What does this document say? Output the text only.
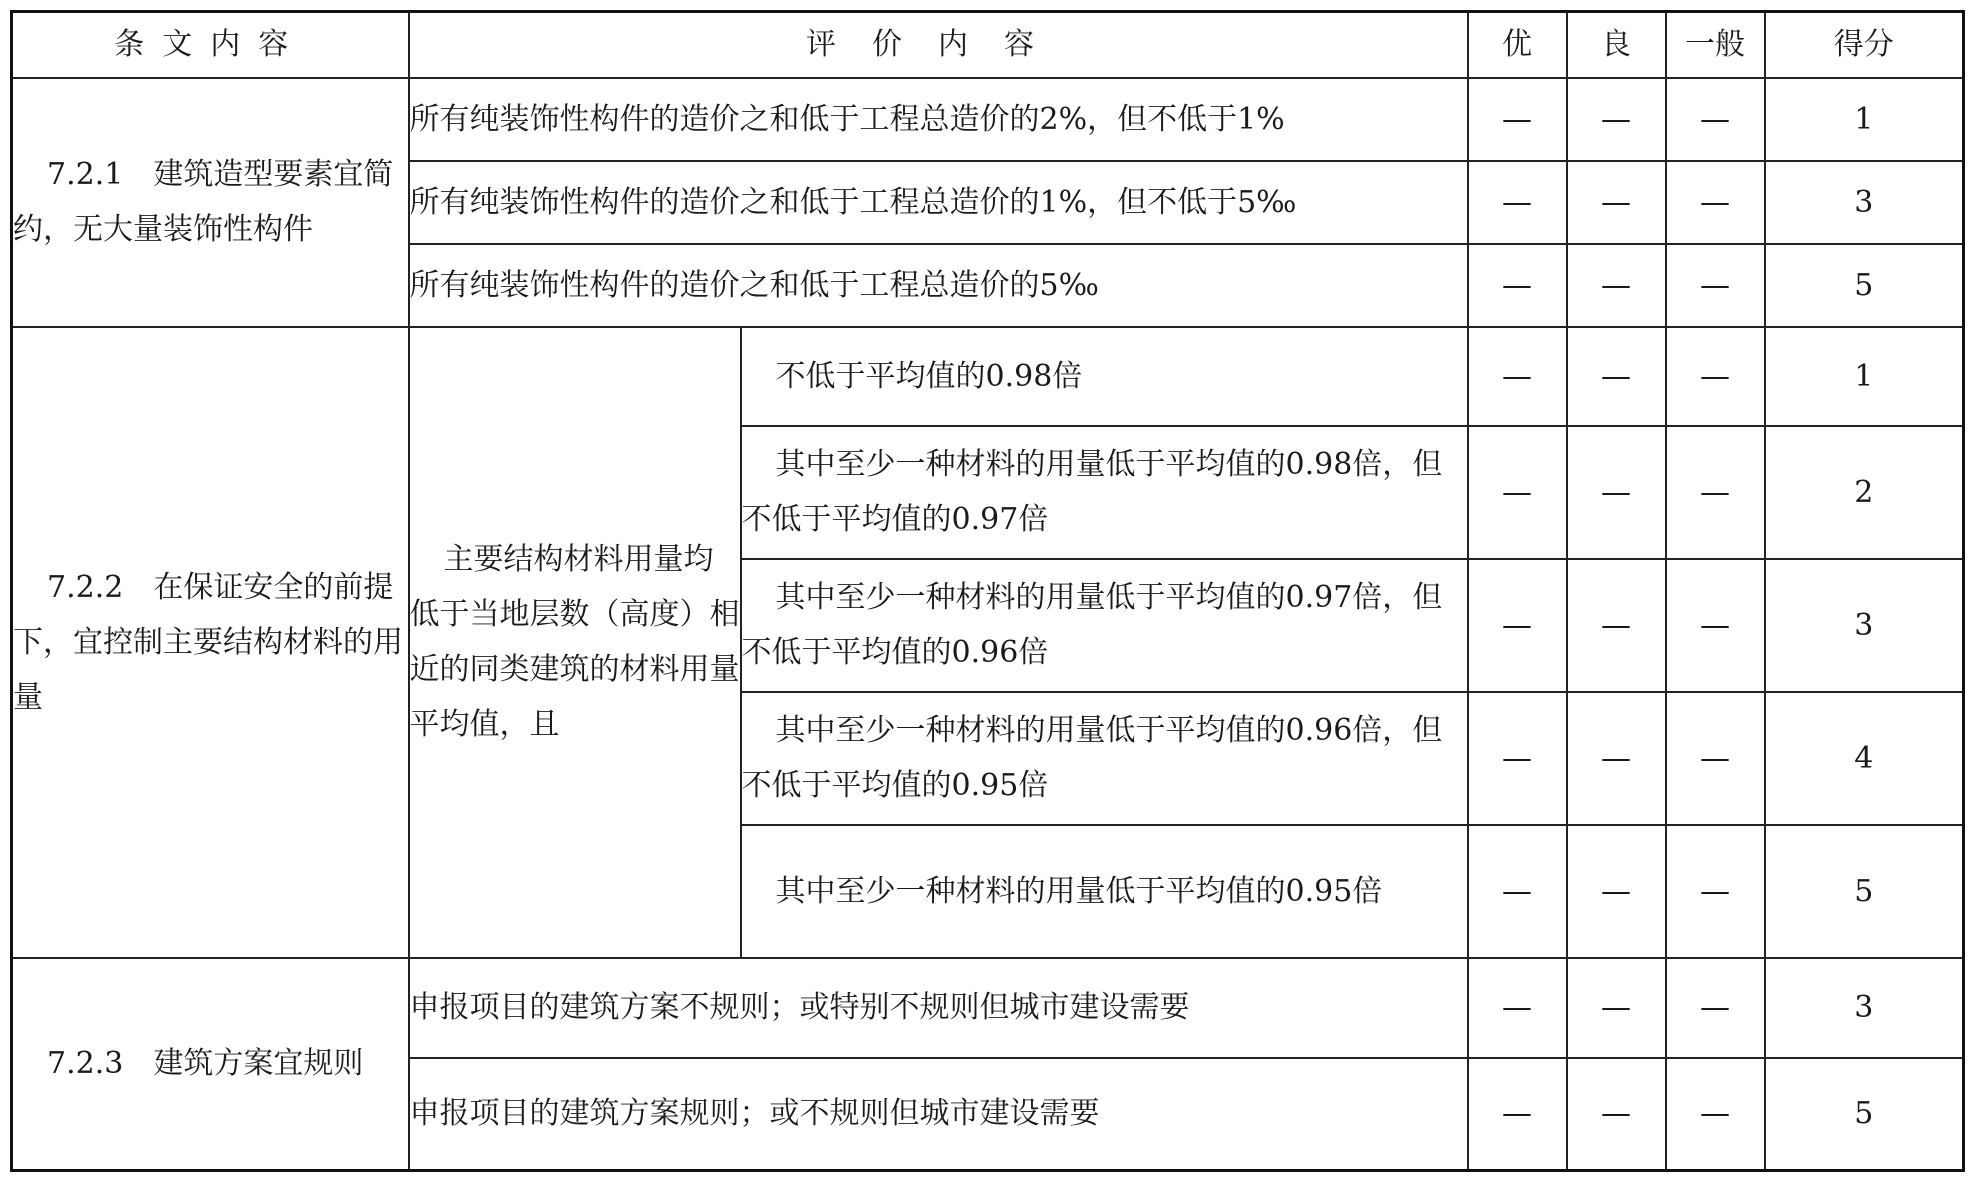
条文内容	评价内容		优	良	一般	得分
7.2.1　建筑造型要素宜简约，无大量装饰性构件	所有纯装饰性构件的造价之和低于工程总造价的2%，但不低于1%		—	—	—	1
	所有纯装饰性构件的造价之和低于工程总造价的1%，但不低于5‰		—	—	—	3
	所有纯装饰性构件的造价之和低于工程总造价的5‰		—	—	—	5
7.2.2　在保证安全的前提下，宜控制主要结构材料的用量	主要结构材料用量均低于当地层数（高度）相近的同类建筑的材料用量平均值，且	不低于平均值的0.98倍	—	—	—	1
		其中至少一种材料的用量低于平均值的0.98倍，但不低于平均值的0.97倍	—	—	—	2
		其中至少一种材料的用量低于平均值的0.97倍，但不低于平均值的0.96倍	—	—	—	3
		其中至少一种材料的用量低于平均值的0.96倍，但不低于平均值的0.95倍	—	—	—	4
		其中至少一种材料的用量低于平均值的0.95倍	—	—	—	5
7.2.3　建筑方案宜规则	申报项目的建筑方案不规则；或特别不规则但城市建设需要		—	—	—	3
	申报项目的建筑方案规则；或不规则但城市建设需要		—	—	—	5
